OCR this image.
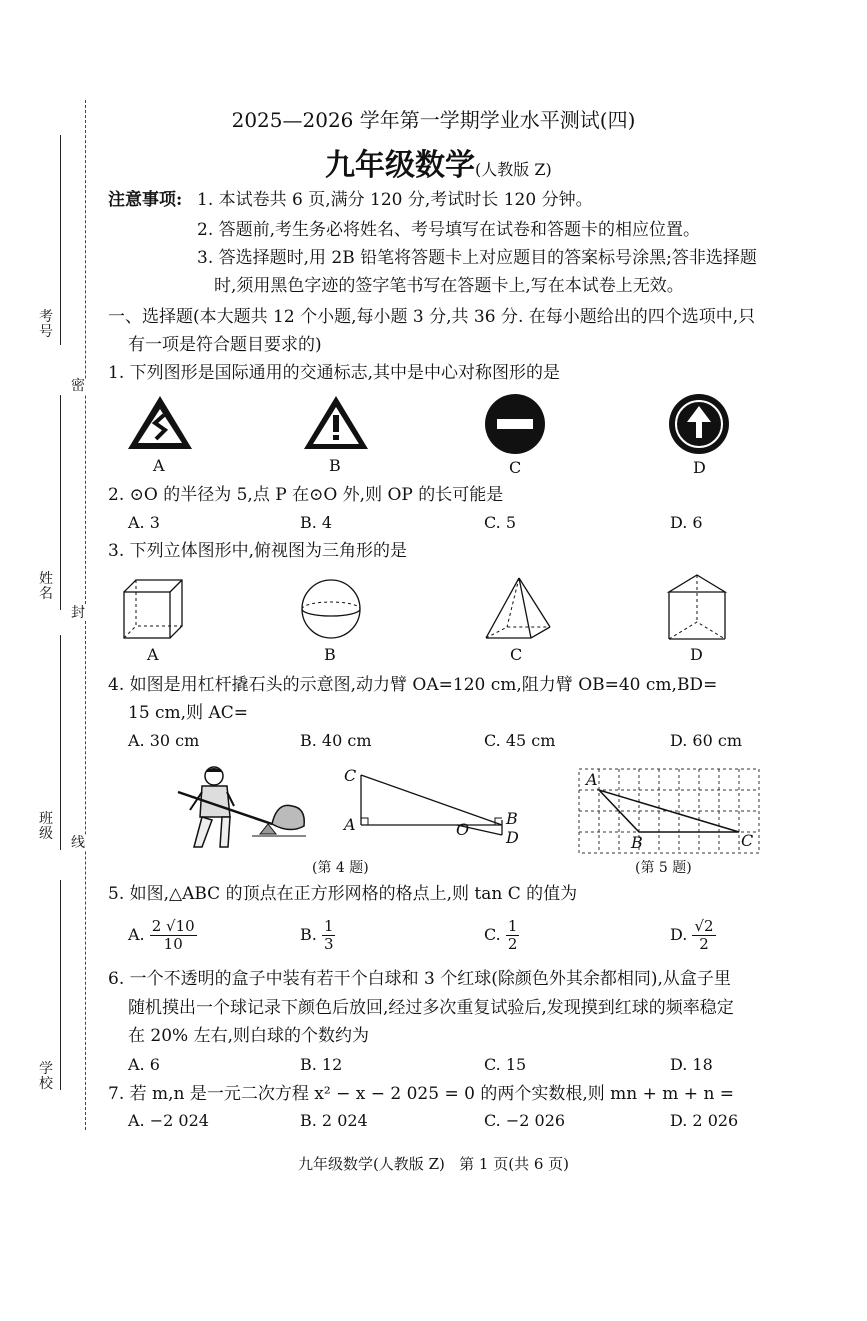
考号
姓名
班级
学校
密
封
线
2025—2026 学年第一学期学业水平测试(四)
九年级数学(人教版 Z)
注意事项: 1. 本试卷共 6 页,满分 120 分,考试时长 120 分钟。
2. 答题前,考生务必将姓名、考号填写在试卷和答题卡的相应位置。
3. 答选择题时,用 2B 铅笔将答题卡上对应题目的答案标号涂黑;答非选择题
时,须用黑色字迹的签字笔书写在答题卡上,写在本试卷上无效。
一、选择题(本大题共 12 个小题,每小题 3 分,共 36 分. 在每小题给出的四个选项中,只
有一项是符合题目要求的)
1. 下列图形是国际通用的交通标志,其中是中心对称图形的是
A	B	C	D
2. ⊙O 的半径为 5,点 P 在⊙O 外,则 OP 的长可能是
A. 3	B. 4	C. 5	D. 6
3. 下列立体图形中,俯视图为三角形的是
A	B	C	D
4. 如图是用杠杆撬石头的示意图,动力臂 OA=120 cm,阻力臂 OB=40 cm,BD=
15 cm,则 AC=
A. 30 cm	B. 40 cm	C. 45 cm	D. 60 cm
C
A	O
B
D
(第 4 题)
A
B	C
(第 5 题)
5. 如图,△ABC 的顶点在正方形网格的格点上,则 tan C 的值为
A. $\frac{2 √10}{10}$	B. $\frac{1}{3}$	C. $\frac{1}{2}$	D. $\frac{√2}{2}$
6. 一个不透明的盒子中装有若干个白球和 3 个红球(除颜色外其余都相同),从盒子里
随机摸出一个球记录下颜色后放回,经过多次重复试验后,发现摸到红球的频率稳定
在 20% 左右,则白球的个数约为
A. 6	B. 12	C. 15	D. 18
7. 若 m,n 是一元二次方程 x² − x − 2 025 = 0 的两个实数根,则 mn + m + n =
A. −2 024	B. 2 024	C. −2 026	D. 2 026
九年级数学(人教版 Z)   第 1 页(共 6 页)
